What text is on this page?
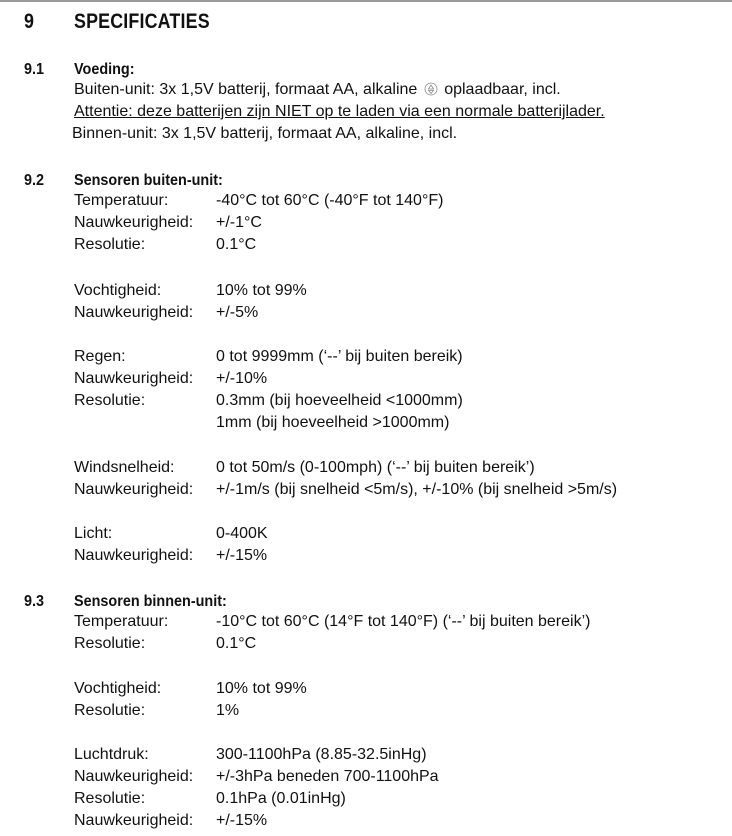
9 SPECIFICATIES
9.1 Voeding:
Buiten-unit: 3x 1,5V batterij, formaat AA, alkaline oplaadbaar, incl.
Attentie: deze batterijen zijn NIET op te laden via een normale batterijlader.
Binnen-unit: 3x 1,5V batterij, formaat AA, alkaline, incl.
9.2 Sensoren buiten-unit:
Temperatuur:	-40°C tot 60°C (-40°F tot 140°F)
Nauwkeurigheid: +/-1°C
Resolutie:	0.1°C
Vochtigheid:	10% tot 99%
Nauwkeurigheid: +/-5%
Regen:	0 tot 9999mm (‘--’ bij buiten bereik)
Nauwkeurigheid: +/-10%
Resolutie:	0.3mm (bij hoeveelheid <1000mm)
1mm (bij hoeveelheid >1000mm)
Windsnelheid:	0 tot 50m/s (0-100mph) (‘--’ bij buiten bereik’)
Nauwkeurigheid: +/-1m/s (bij snelheid <5m/s), +/-10% (bij snelheid >5m/s)
Licht:	0-400K
Nauwkeurigheid: +/-15%
9.3 Sensoren binnen-unit:
Temperatuur:	-10°C tot 60°C (14°F tot 140°F) (‘--’ bij buiten bereik’)
Resolutie:	0.1°C
Vochtigheid:	10% tot 99%
Resolutie:	1%
Luchtdruk:	300-1100hPa (8.85-32.5inHg)
Nauwkeurigheid: +/-3hPa beneden 700-1100hPa
Resolutie:	0.1hPa (0.01inHg)
Nauwkeurigheid: +/-15%
